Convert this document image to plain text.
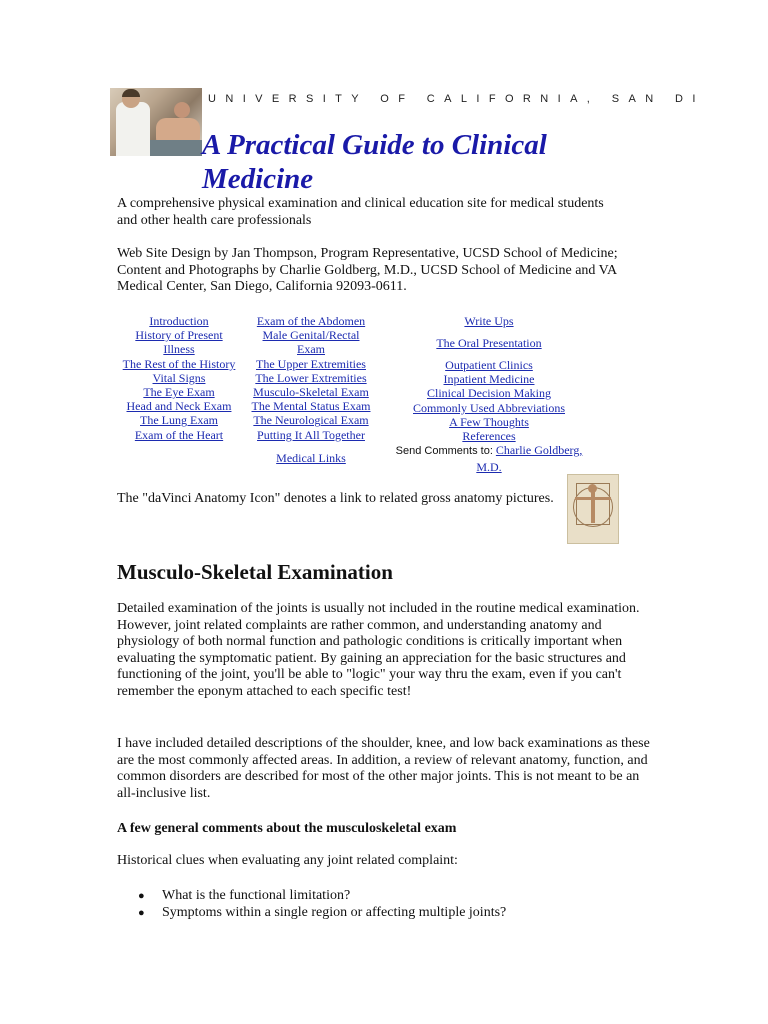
UNIVERSITY OF CALIFORNIA, SAN DI
A Practical Guide to Clinical
Medicine

A comprehensive physical examination and clinical education site for medical students and other health care professionals

Web Site Design by Jan Thompson, Program Representative, UCSD School of Medicine; Content and Photographs by Charlie Goldberg, M.D., UCSD School of Medicine and VA Medical Center, San Diego, California 92093-0611.

Introduction
History of Present
Illness
The Rest of the History
Vital Signs
The Eye Exam
Head and Neck Exam
The Lung Exam
Exam of the Heart
Exam of the Abdomen
Male Genital/Rectal
Exam
The Upper Extremities
The Lower Extremities
Musculo-Skeletal Exam
The Mental Status Exam
The Neurological Exam
Putting It All Together
Medical Links
Write Ups
The Oral Presentation
Outpatient Clinics
Inpatient Medicine
Clinical Decision Making
Commonly Used Abbreviations
A Few Thoughts
References
Send Comments to: Charlie Goldberg,
M.D.

The "daVinci Anatomy Icon" denotes a link to related gross anatomy pictures.

Musculo-Skeletal Examination

Detailed examination of the joints is usually not included in the routine medical examination. However, joint related complaints are rather common, and understanding anatomy and physiology of both normal function and pathologic conditions is critically important when evaluating the symptomatic patient. By gaining an appreciation for the basic structures and functioning of the joint, you'll be able to "logic" your way thru the exam, even if you can't remember the eponym attached to each specific test!

I have included detailed descriptions of the shoulder, knee, and low back examinations as these are the most commonly affected areas. In addition, a review of relevant anatomy, function, and common disorders are described for most of the other major joints. This is not meant to be an all-inclusive list.

A few general comments about the musculoskeletal exam

Historical clues when evaluating any joint related complaint:

● What is the functional limitation?
● Symptoms within a single region or affecting multiple joints?
